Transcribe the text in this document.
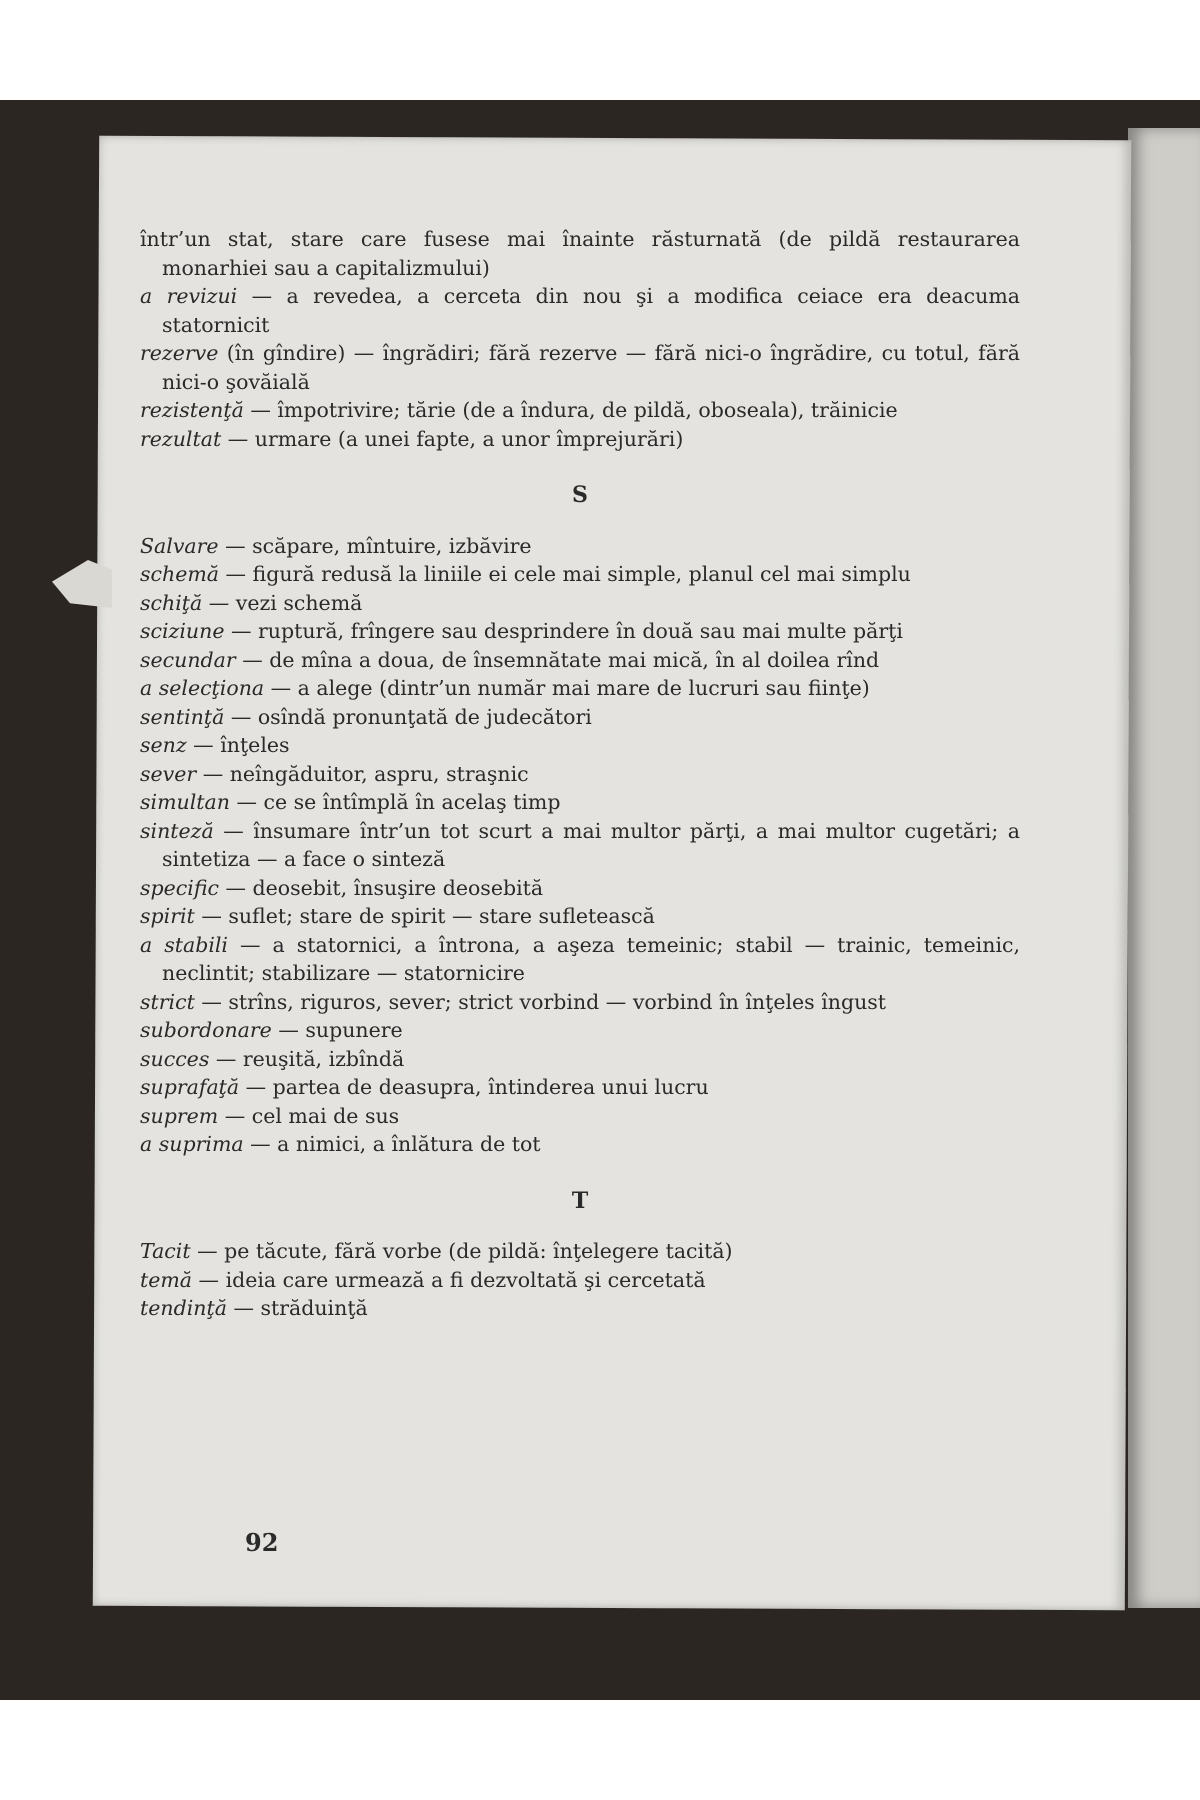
într’un stat, stare care fusese mai înainte răsturnată (de pildă restaurarea monarhiei sau a capitalizmului)

a revizui — a revedea, a cerceta din nou şi a modifica ceiace era deacuma statornicit

rezerve (în gîndire) — îngrădiri; fără rezerve — fără nici-o îngrădire, cu totul, fără nici-o şovăială

rezistenţă — împotrivire; tărie (de a îndura, de pildă, oboseala), trăinicie

rezultat — urmare (a unei fapte, a unor împrejurări)

S

Salvare — scăpare, mîntuire, izbăvire

schemă — figură redusă la liniile ei cele mai simple, planul cel mai simplu

schiţă — vezi schemă

sciziune — ruptură, frîngere sau desprindere în două sau mai multe părţi

secundar — de mîna a doua, de însemnătate mai mică, în al doilea rînd

a selecţiona — a alege (dintr’un număr mai mare de lucruri sau fiinţe)

sentinţă — osîndă pronunţată de judecători

senz — înţeles

sever — neîngăduitor, aspru, straşnic

simultan — ce se întîmplă în acelaş timp

sinteză — însumare într’un tot scurt a mai multor părţi, a mai multor cugetări; a sintetiza — a face o sinteză

specific — deosebit, însuşire deosebită

spirit — suflet; stare de spirit — stare sufletească

a stabili — a statornici, a întrona, a aşeza temeinic; stabil — trainic, temeinic, neclintit; stabilizare — statornicire

strict — strîns, riguros, sever; strict vorbind — vorbind în înţeles îngust

subordonare — supunere

succes — reuşită, izbîndă

suprafaţă — partea de deasupra, întinderea unui lucru

suprem — cel mai de sus

a suprima — a nimici, a înlătura de tot

T

Tacit — pe tăcute, fără vorbe (de pildă: înţelegere tacită)

temă — ideia care urmează a fi dezvoltată şi cercetată

tendinţă — străduinţă

92
